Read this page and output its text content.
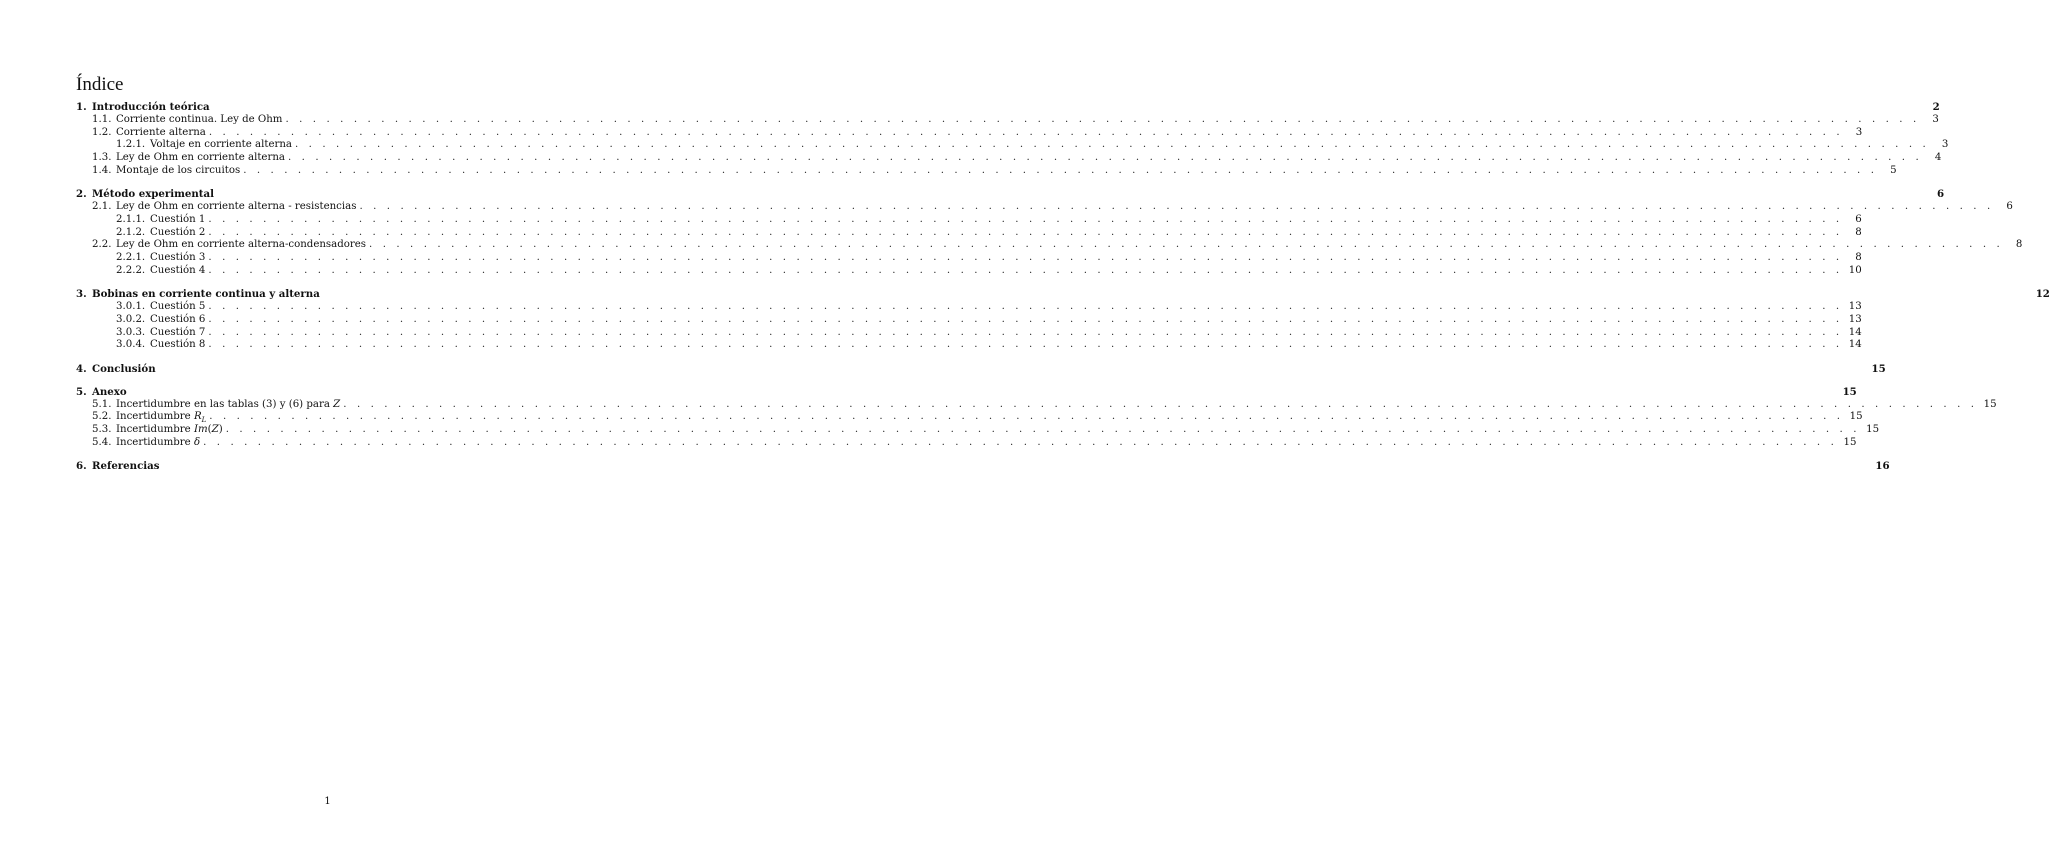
Índice
1. Introducción teórica	2
1.1. Corriente continua. Ley de Ohm . . . . . . . . . . . . . . . . . . . . . . . . . . . . . . . . . . . . . . . . . . . . . . . . . . . . . . . . . . . . . . . . . . . . . . . . . . . . . . . . . . . . . . . . . . . . . . . . . . . . . . . . . . . . . . . . . . . . . . . .	3
1.2. Corriente alterna . . . . . . . . . . . . . . . . . . . . . . . . . . . . . . . . . . . . . . . . . . . . . . . . . . . . . . . . . . . . . . . . . . . . . . . . . . . . . . . . . . . . . . . . . . . . . . . . . . . . . . . . . . . . . . . . . . . . . . . .	3
1.2.1. Voltaje en corriente alterna . . . . . . . . . . . . . . . . . . . . . . . . . . . . . . . . . . . . . . . . . . . . . . . . . . . . . . . . . . . . . . . . . . . . . . . . . . . . . . . . . . . . . . . . . . . . . . . . . . . . . . . . . . . . . . . . . . . . . . . .	3
1.3. Ley de Ohm en corriente alterna . . . . . . . . . . . . . . . . . . . . . . . . . . . . . . . . . . . . . . . . . . . . . . . . . . . . . . . . . . . . . . . . . . . . . . . . . . . . . . . . . . . . . . . . . . . . . . . . . . . . . . . . . . . . . . . . . . . . . . . .	4
1.4. Montaje de los circuitos . . . . . . . . . . . . . . . . . . . . . . . . . . . . . . . . . . . . . . . . . . . . . . . . . . . . . . . . . . . . . . . . . . . . . . . . . . . . . . . . . . . . . . . . . . . . . . . . . . . . . . . . . . . . . . . . . . . . . . . .	5
2. Método experimental	6
2.1. Ley de Ohm en corriente alterna - resistencias . . . . . . . . . . . . . . . . . . . . . . . . . . . . . . . . . . . . . . . . . . . . . . . . . . . . . . . . . . . . . . . . . . . . . . . . . . . . . . . . . . . . . . . . . . . . . . . . . . . . . . . . . . . . . . . . . . . . . . . .	6
2.1.1. Cuestión 1 . . . . . . . . . . . . . . . . . . . . . . . . . . . . . . . . . . . . . . . . . . . . . . . . . . . . . . . . . . . . . . . . . . . . . . . . . . . . . . . . . . . . . . . . . . . . . . . . . . . . . . . . . . . . . . . . . . . . . . . .	6
2.1.2. Cuestión 2 . . . . . . . . . . . . . . . . . . . . . . . . . . . . . . . . . . . . . . . . . . . . . . . . . . . . . . . . . . . . . . . . . . . . . . . . . . . . . . . . . . . . . . . . . . . . . . . . . . . . . . . . . . . . . . . . . . . . . . . .	8
2.2. Ley de Ohm en corriente alterna-condensadores . . . . . . . . . . . . . . . . . . . . . . . . . . . . . . . . . . . . . . . . . . . . . . . . . . . . . . . . . . . . . . . . . . . . . . . . . . . . . . . . . . . . . . . . . . . . . . . . . . . . . . . . . . . . . . . . . . . . . . . .	8
2.2.1. Cuestión 3 . . . . . . . . . . . . . . . . . . . . . . . . . . . . . . . . . . . . . . . . . . . . . . . . . . . . . . . . . . . . . . . . . . . . . . . . . . . . . . . . . . . . . . . . . . . . . . . . . . . . . . . . . . . . . . . . . . . . . . . .	8
2.2.2. Cuestión 4 . . . . . . . . . . . . . . . . . . . . . . . . . . . . . . . . . . . . . . . . . . . . . . . . . . . . . . . . . . . . . . . . . . . . . . . . . . . . . . . . . . . . . . . . . . . . . . . . . . . . . . . . . . . . . . . . . . . . . . . . 10
3. Bobinas en corriente continua y alterna	12
3.0.1. Cuestión 5 . . . . . . . . . . . . . . . . . . . . . . . . . . . . . . . . . . . . . . . . . . . . . . . . . . . . . . . . . . . . . . . . . . . . . . . . . . . . . . . . . . . . . . . . . . . . . . . . . . . . . . . . . . . . . . . . . . . . . . . . 13
3.0.2. Cuestión 6 . . . . . . . . . . . . . . . . . . . . . . . . . . . . . . . . . . . . . . . . . . . . . . . . . . . . . . . . . . . . . . . . . . . . . . . . . . . . . . . . . . . . . . . . . . . . . . . . . . . . . . . . . . . . . . . . . . . . . . . . 13
3.0.3. Cuestión 7 . . . . . . . . . . . . . . . . . . . . . . . . . . . . . . . . . . . . . . . . . . . . . . . . . . . . . . . . . . . . . . . . . . . . . . . . . . . . . . . . . . . . . . . . . . . . . . . . . . . . . . . . . . . . . . . . . . . . . . . . 14
3.0.4. Cuestión 8 . . . . . . . . . . . . . . . . . . . . . . . . . . . . . . . . . . . . . . . . . . . . . . . . . . . . . . . . . . . . . . . . . . . . . . . . . . . . . . . . . . . . . . . . . . . . . . . . . . . . . . . . . . . . . . . . . . . . . . . . 14
4. Conclusión	15
5. Anexo	15
5.1. Incertidumbre en las tablas (3) y (6) para Z . . . . . . . . . . . . . . . . . . . . . . . . . . . . . . . . . . . . . . . . . . . . . . . . . . . . . . . . . . . . . . . . . . . . . . . . . . . . . . . . . . . . . . . . . . . . . . . . . . . . . . . . . . . . . . . . . . . . . . . . 15
5.2. Incertidumbre $R_L$ . . . . . . . . . . . . . . . . . . . . . . . . . . . . . . . . . . . . . . . . . . . . . . . . . . . . . . . . . . . . . . . . . . . . . . . . . . . . . . . . . . . . . . . . . . . . . . . . . . . . . . . . . . . . . . . . . . . . . . . . 15
5.3. Incertidumbre Im(Z) . . . . . . . . . . . . . . . . . . . . . . . . . . . . . . . . . . . . . . . . . . . . . . . . . . . . . . . . . . . . . . . . . . . . . . . . . . . . . . . . . . . . . . . . . . . . . . . . . . . . . . . . . . . . . . . . . . . . . . . . 15
5.4. Incertidumbre δ . . . . . . . . . . . . . . . . . . . . . . . . . . . . . . . . . . . . . . . . . . . . . . . . . . . . . . . . . . . . . . . . . . . . . . . . . . . . . . . . . . . . . . . . . . . . . . . . . . . . . . . . . . . . . . . . . . . . . . . . 15
6. Referencias	16
1
